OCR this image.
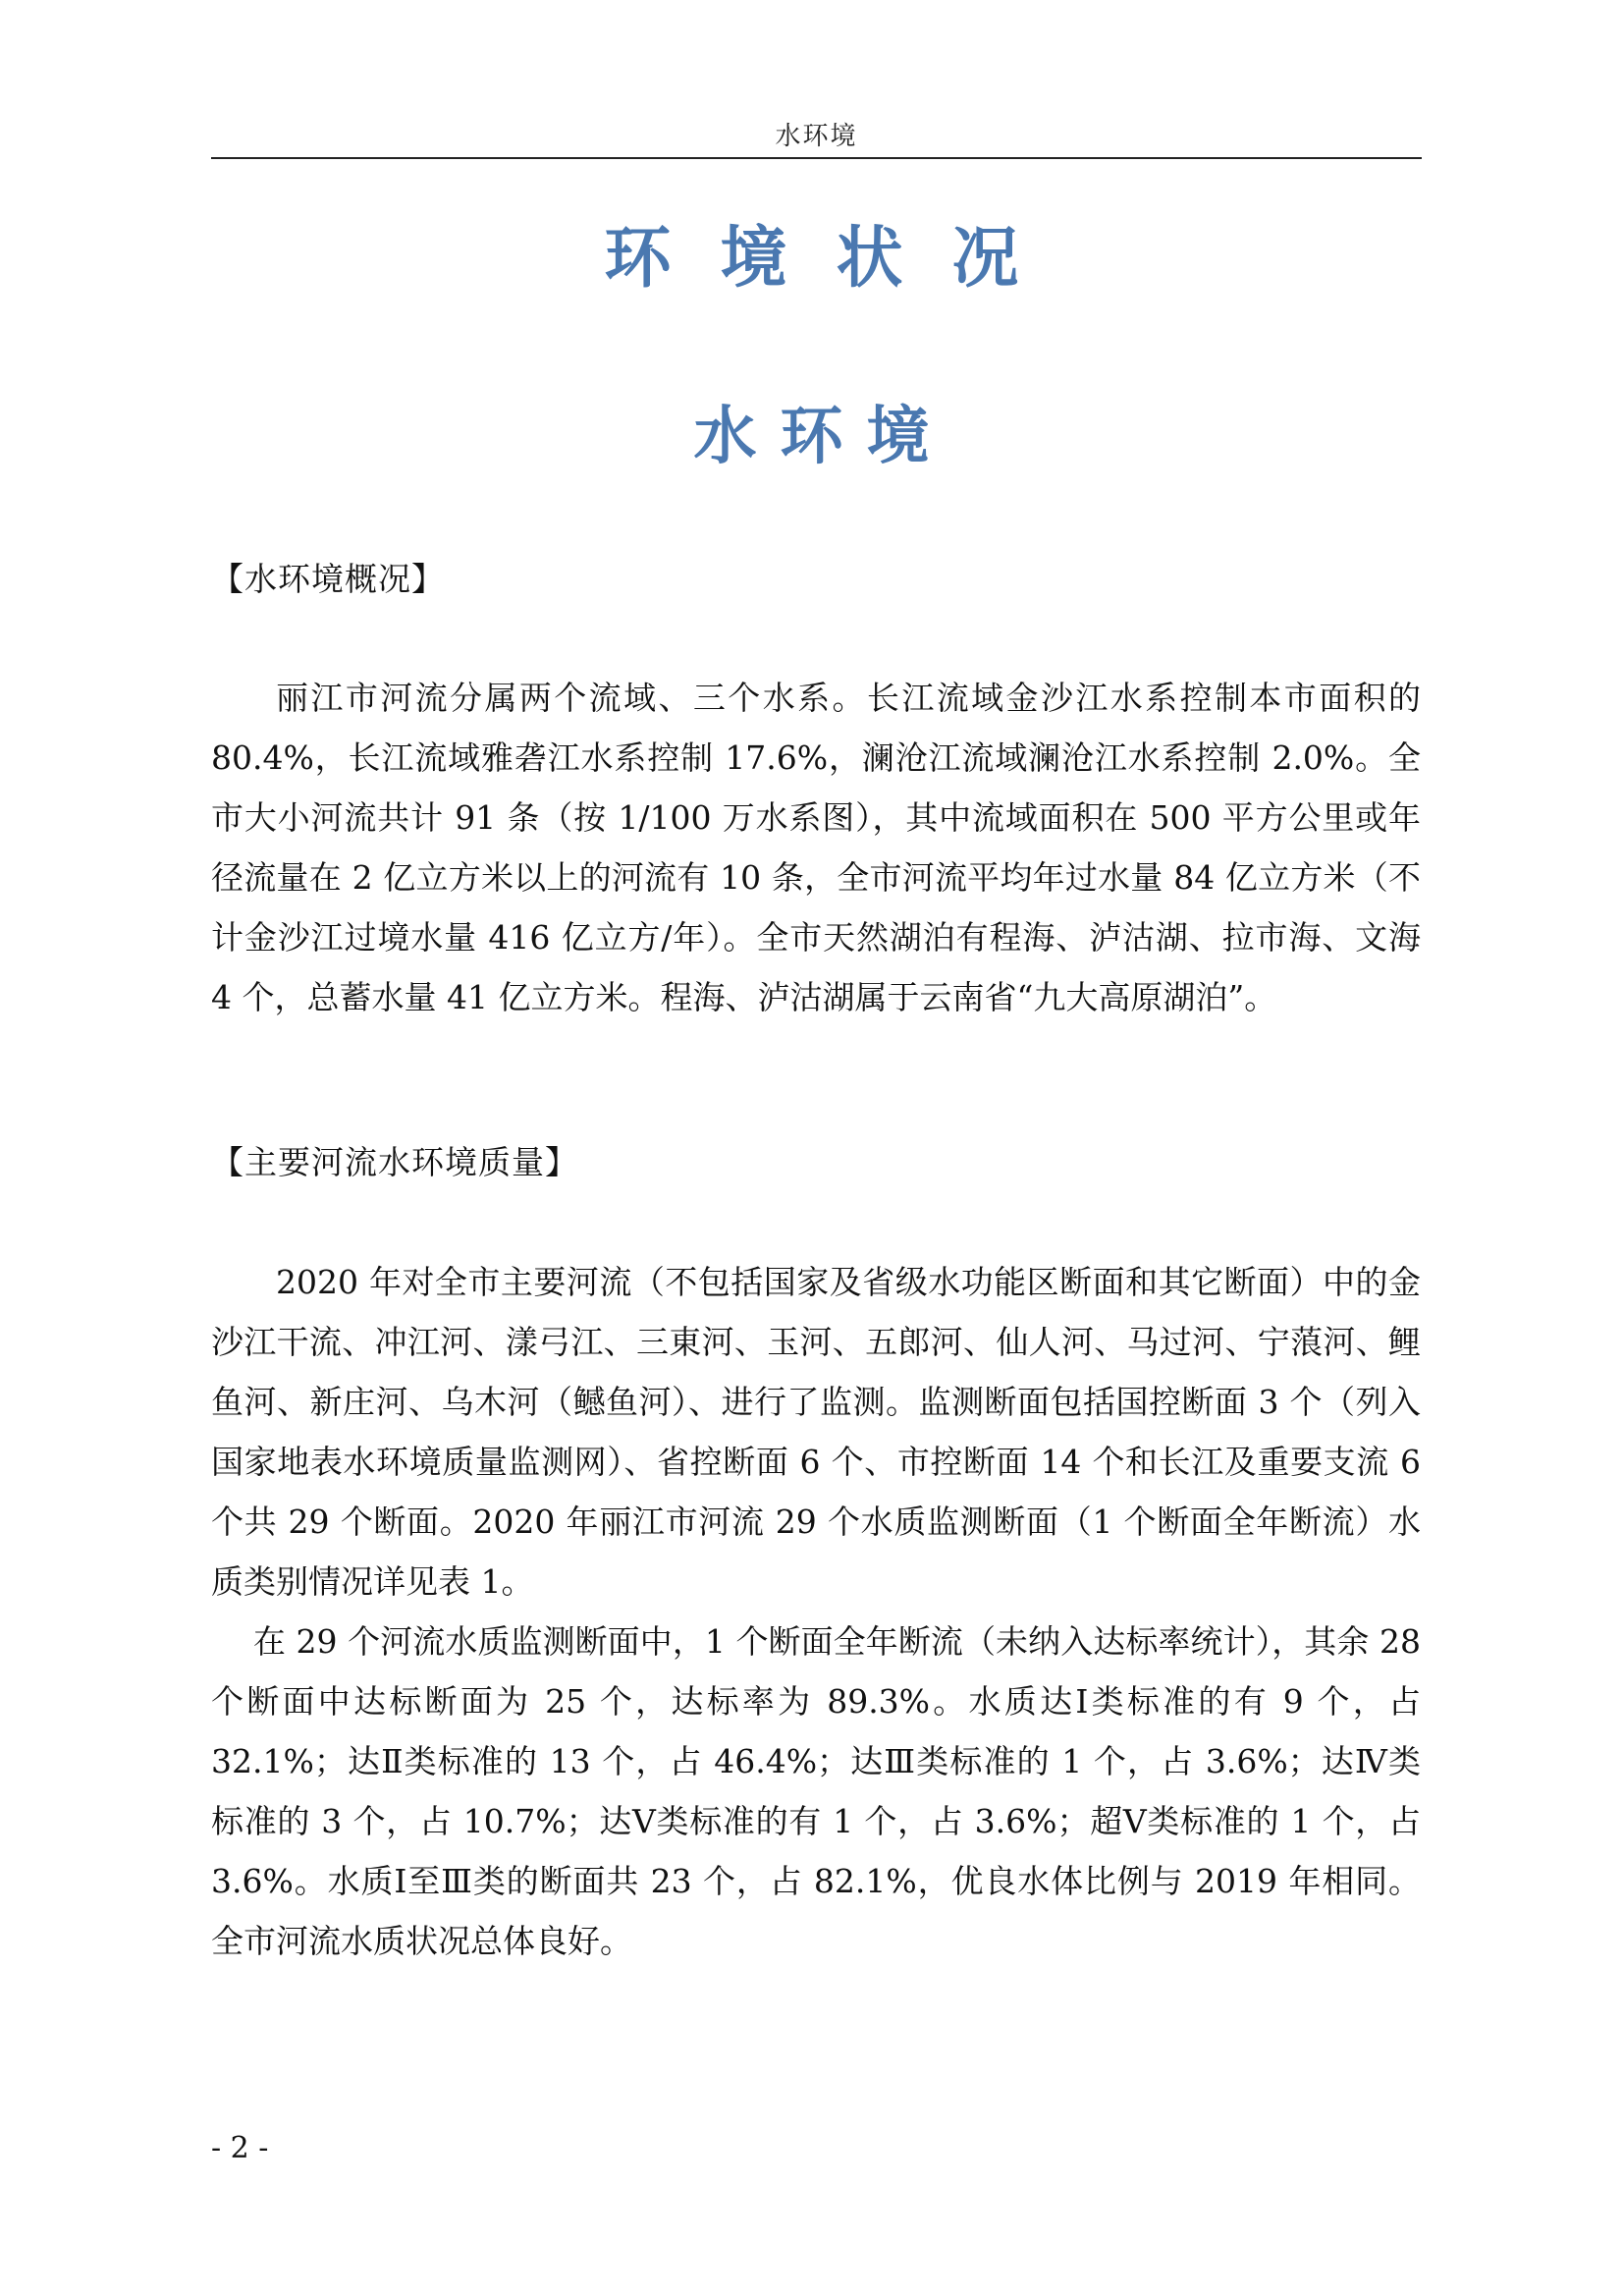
水环境
环境状况
水环境
【水环境概况】

丽江市河流分属两个流域、三个水系。长江流域金沙江水系控制本市面积的 80.4%，长江流域雅砻江水系控制 17.6%，澜沧江流域澜沧江水系控制 2.0%。全市大小河流共计 91 条（按 1/100 万水系图），其中流域面积在 500 平方公里或年径流量在 2 亿立方米以上的河流有 10 条，全市河流平均年过水量 84 亿立方米（不计金沙江过境水量 416 亿立方/年）。全市天然湖泊有程海、泸沽湖、拉市海、文海 4 个，总蓄水量 41 亿立方米。程海、泸沽湖属于云南省“九大高原湖泊”。

【主要河流水环境质量】

2020 年对全市主要河流（不包括国家及省级水功能区断面和其它断面）中的金沙江干流、冲江河、漾弓江、三東河、玉河、五郎河、仙人河、马过河、宁蒗河、鲤鱼河、新庄河、乌木河（鳡鱼河）、进行了监测。监测断面包括国控断面 3 个（列入国家地表水环境质量监测网）、省控断面 6 个、市控断面 14 个和长江及重要支流 6 个共 29 个断面。2020 年丽江市河流 29 个水质监测断面（1 个断面全年断流）水质类别情况详见表 1。

在 29 个河流水质监测断面中，1 个断面全年断流（未纳入达标率统计），其余 28 个断面中达标断面为 25 个，达标率为 89.3%。水质达Ⅰ类标准的有 9 个，占 32.1%；达Ⅱ类标准的 13 个，占 46.4%；达Ⅲ类标准的 1 个，占 3.6%；达Ⅳ类标准的 3 个，占 10.7%；达Ⅴ类标准的有 1 个，占 3.6%；超Ⅴ类标准的 1 个，占 3.6%。水质Ⅰ至Ⅲ类的断面共 23 个，占 82.1%，优良水体比例与 2019 年相同。全市河流水质状况总体良好。

- 2 -
